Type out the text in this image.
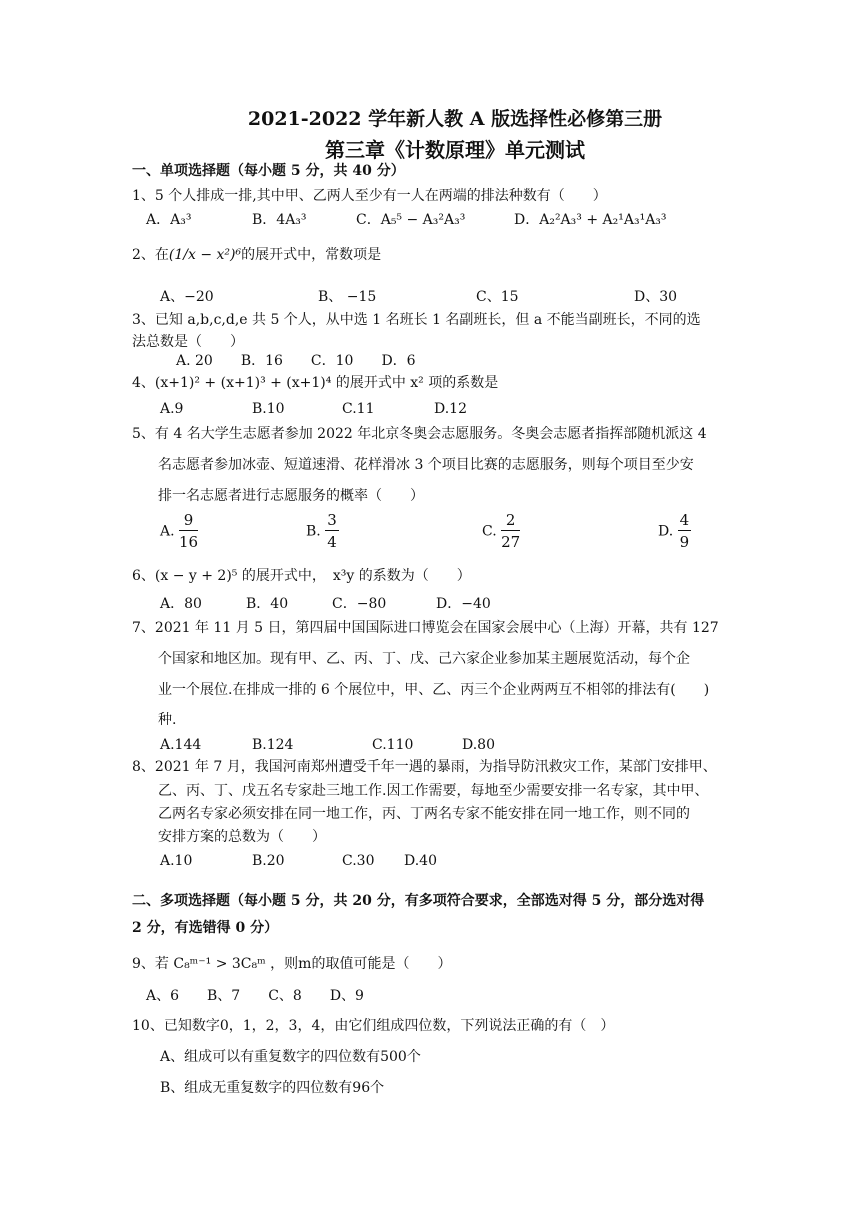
2021-2022 学年新人教 A 版选择性必修第三册
第三章《计数原理》单元测试
一、单项选择题（每小题 5 分，共 40 分）
1、5 个人排成一排,其中甲、乙两人至少有一人在两端的排法种数有（　　）
A．A₃³	B．4A₃³	C．A₅⁵ − A₃²A₃³	D．A₂²A₃³ + A₂¹A₃¹A₃³
2、在(1/x − x²)⁶的展开式中，常数项是
A、−20	B、 −15	C、15	D、30
3、已知 a,b,c,d,e 共 5 个人，从中选 1 名班长 1 名副班长，但 a 不能当副班长，不同的选
法总数是（　　）
A. 20　　B．16　　C．10　　D．6
4、(x+1)² + (x+1)³ + (x+1)⁴ 的展开式中 x² 项的系数是
A.9	B.10	C.11	D.12
5、有 4 名大学生志愿者参加 2022 年北京冬奥会志愿服务。冬奥会志愿者指挥部随机派这 4
名志愿者参加冰壶、短道速滑、花样滑冰 3 个项目比赛的志愿服务，则每个项目至少安
排一名志愿者进行志愿服务的概率（　　）
A. $\frac{9}{16}$	B. $\frac{3}{4}$	C. $\frac{2}{27}$	D. $\frac{4}{9}$
6、(x − y + 2)⁵ 的展开式中，　x³y 的系数为（　　）
A．80	B．40	C．−80	D．−40
7、2021 年 11 月 5 日，第四届中国国际进口博览会在国家会展中心（上海）开幕，共有 127
个国家和地区加。现有甲、乙、丙、丁、戊、己六家企业参加某主题展览活动，每个企
业一个展位.在排成一排的 6 个展位中，甲、乙、丙三个企业两两互不相邻的排法有(　　)
种.
A.144	B.124	C.110	D.80
8、2021 年 7 月，我国河南郑州遭受千年一遇的暴雨，为指导防汛救灾工作，某部门安排甲、
乙、丙、丁、戊五名专家赴三地工作.因工作需要，每地至少需要安排一名专家，其中甲、
乙两名专家必须安排在同一地工作，丙、丁两名专家不能安排在同一地工作，则不同的
安排方案的总数为（　　）
A.10	B.20	C.30 D.40
二、多项选择题（每小题 5 分，共 20 分，有多项符合要求，全部选对得 5 分，部分选对得
2 分，有选错得 0 分）
9、若 C₈ᵐ⁻¹ > 3C₈ᵐ ，则m的取值可能是（　　）
A、6　　B、7　　C、8　　D、9
10、已知数字0，1，2，3，4，由它们组成四位数，下列说法正确的有（　）
A、组成可以有重复数字的四位数有500个
B、组成无重复数字的四位数有96个
